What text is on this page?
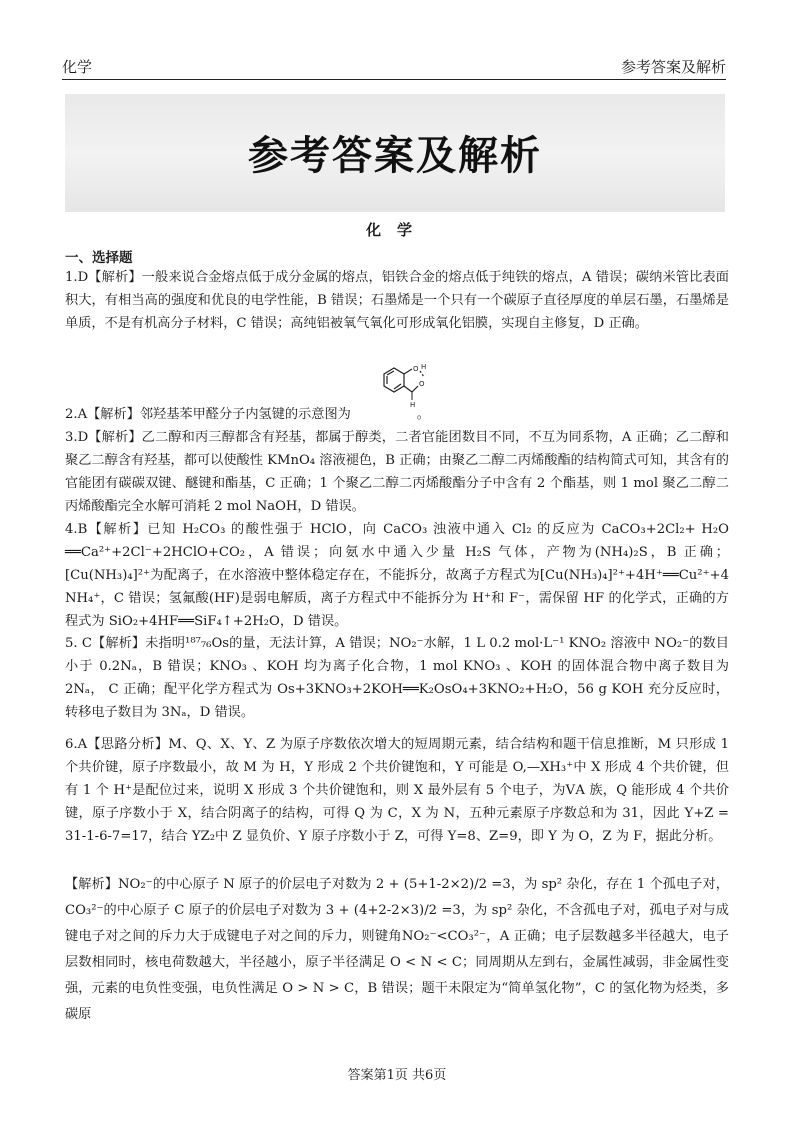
化学	参考答案及解析
参考答案及解析
化学
一、选择题
1.D【解析】一般来说合金熔点低于成分金属的熔点，铝铁合金的熔点低于纯铁的熔点，A 错误；碳纳米管比表面积大，有相当高的强度和优良的电学性能，B 错误；石墨烯是一个只有一个碳原子直径厚度的单层石墨，石墨烯是单质，不是有机高分子材料，C 错误；高纯铝被氧气氧化可形成氧化铝膜，实现自主修复，D 正确。
O H
O
H
2.A【解析】邻羟基苯甲醛分子内氢键的示意图为　　　　　。
3.D【解析】乙二醇和丙三醇都含有羟基，都属于醇类，二者官能团数目不同，不互为同系物，A 正确；乙二醇和聚乙二醇含有羟基，都可以使酸性 KMnO₄ 溶液褪色，B 正确；由聚乙二醇二丙烯酸酯的结构简式可知，其含有的官能团有碳碳双键、醚键和酯基，C 正确；1 个聚乙二醇二丙烯酸酯分子中含有 2 个酯基，则 1 mol 聚乙二醇二丙烯酸酯完全水解可消耗 2 mol NaOH，D 错误。
4.B【解析】已知 H₂CO₃ 的酸性强于 HClO，向 CaCO₃ 浊液中通入 Cl₂ 的反应为 CaCO₃+2Cl₂+ H₂O ══Ca²⁺+2Cl⁻+2HClO+CO₂，A 错误；向氨水中通入少量 H₂S 气体，产物为(NH₄)₂S，B 正确；[Cu(NH₃)₄]²⁺为配离子，在水溶液中整体稳定存在，不能拆分，故离子方程式为[Cu(NH₃)₄]²⁺+4H⁺══Cu²⁺+4 NH₄⁺，C 错误；氢氟酸(HF)是弱电解质，离子方程式中不能拆分为 H⁺和 F⁻，需保留 HF 的化学式，正确的方程式为 SiO₂+4HF══SiF₄↑+2H₂O，D 错误。
5. C【解析】未指明¹⁸⁷₇₆Os的量，无法计算，A 错误；NO₂⁻水解，1 L 0.2 mol·L⁻¹ KNO₂ 溶液中 NO₂⁻的数目小于 0.2Nₐ，B 错误；KNO₃ 、KOH 均为离子化合物，1 mol KNO₃ 、KOH 的固体混合物中离子数目为 2Nₐ， C 正确；配平化学方程式为 Os+3KNO₃+2KOH══K₂OsO₄+3KNO₂+H₂O，56 g KOH 充分反应时，转移电子数目为 3Nₐ，D 错误。
6.A【思路分析】M、Q、X、Y、Z 为原子序数依次增大的短周期元素，结合结构和题干信息推断，M 只形成 1 个共价键，原子序数最小，故 M 为 H，Y 形成 2 个共价键饱和，Y 可能是 O,—XH₃⁺中 X 形成 4 个共价键，但有 1 个 H⁺是配位过来，说明 X 形成 3 个共价键饱和，则 X 最外层有 5 个电子，为ⅤA 族，Q 能形成 4 个共价键，原子序数小于 X，结合阴离子的结构，可得 Q 为 C，X 为 N，五种元素原子序数总和为 31，因此 Y+Z = 31-1-6-7=17，结合 YZ₂中 Z 显负价、Y 原子序数小于 Z，可得 Y=8、Z=9，即 Y 为 O，Z 为 F，据此分析。
【解析】NO₂⁻的中心原子 N 原子的价层电子对数为 2 + (5+1-2×2)/2 =3，为 sp² 杂化，存在 1 个孤电子对，CO₃²⁻的中心原子 C 原子的价层电子对数为 3 + (4+2-2×3)/2 =3，为 sp² 杂化，不含孤电子对，孤电子对与成键电子对之间的斥力大于成键电子对之间的斥力，则键角NO₂⁻<CO₃²⁻，A 正确；电子层数越多半径越大，电子层数相同时，核电荷数越大，半径越小，原子半径满足 O < N < C；同周期从左到右，金属性减弱，非金属性变强，元素的电负性变强，电负性满足 O > N > C，B 错误；题干未限定为“简单氢化物”，C 的氢化物为烃类，多碳原
答案第1页 共6页
